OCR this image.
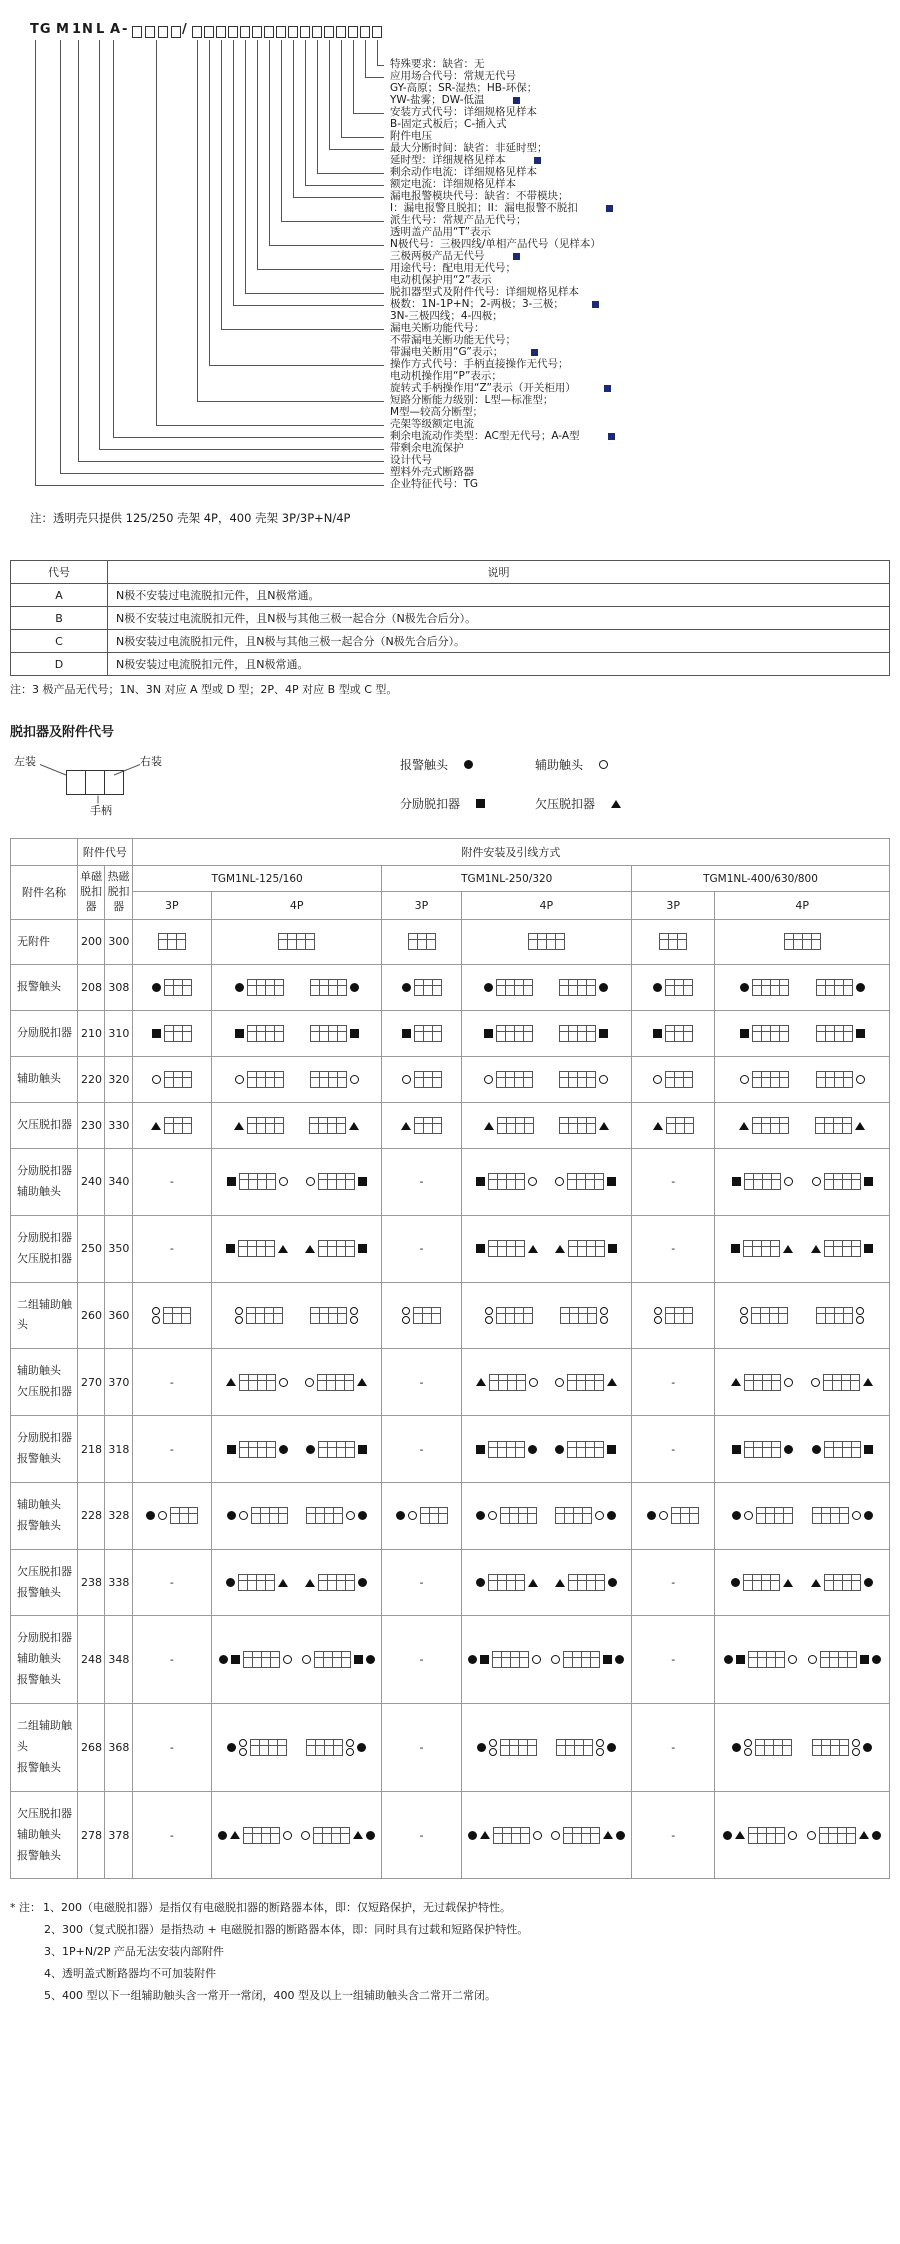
注：透明壳只提供 125/250 壳架 4P，400 壳架 3P/3P+N/4P
TG M 1N L A -	/
特殊要求：缺省：无
应用场合代号：常规无代号
GY-高原；SR-湿热；HB-环保；
YW-盐雾；DW-低温
安装方式代号：详细规格见样本
B-固定式板后；C-插入式
附件电压
最大分断时间：缺省：非延时型；
延时型：详细规格见样本
剩余动作电流：详细规格见样本
额定电流：详细规格见样本
漏电报警模块代号：缺省：不带模块；
I：漏电报警且脱扣；II：漏电报警不脱扣
派生代号：常规产品无代号；
透明盖产品用“T”表示
N极代号：三极四线/单相产品代号（见样本）
三极两极产品无代号
用途代号：配电用无代号；
电动机保护用“2”表示
脱扣器型式及附件代号：详细规格见样本
极数：1N-1P+N；2-两极；3-三极；
3N-三极四线；4-四极；
漏电关断功能代号：
不带漏电关断功能无代号；
带漏电关断用“G”表示；
操作方式代号：手柄直接操作无代号；
电动机操作用“P”表示；
旋转式手柄操作用“Z”表示（开关柜用）
短路分断能力级别：L型—标准型；
M型—较高分断型；
壳架等级额定电流
剩余电流动作类型：AC型无代号；A-A型
带剩余电流保护
设计代号
塑料外壳式断路器
企业特征代号：TG
代号	说明
A	N极不安装过电流脱扣元件，且N极常通。
B	N极不安装过电流脱扣元件，且N极与其他三极一起合分（N极先合后分）。
C	N极安装过电流脱扣元件，且N极与其他三极一起合分（N极先合后分）。
D	N极安装过电流脱扣元件，且N极常通。
注：3 极产品无代号；1N、3N 对应 A 型或 D 型；2P、4P 对应 B 型或 C 型。
脱扣器及附件代号
左装	右装
手柄
报警触头	辅助触头
分励脱扣器	欠压脱扣器
	附件代号		附件安装及引线方式					
附件名称	单磁脱扣器	热磁脱扣器	TGM1NL-125/160		TGM1NL-250/320		TGM1NL-400/630/800	
			3P	4P	3P	4P	3P	4P

无附件	200	300	

报警触头	208	308	

分励脱扣器	210	310	

辅助触头	220	320	

欠压脱扣器	230	330	

分励脱扣器
辅助触头	240	340	-		-		-	

分励脱扣器
欠压脱扣器	250	350	-		-		-	

二组辅助触头	260	360	

辅助触头
欠压脱扣器	270	370	-		-		-	

分励脱扣器
报警触头	218	318	-		-		-	

辅助触头
报警触头	228	328	

欠压脱扣器
报警触头	238	338	-		-		-	

分励脱扣器
辅助触头
报警触头	248	348	-		-		-	

二组辅助触头
报警触头	268	368	-		-		-	

欠压脱扣器
辅助触头
报警触头	278	378	-		-		-	
* 注： 1、200（电磁脱扣器）是指仅有电磁脱扣器的断路器本体，即：仅短路保护，无过载保护特性。
2、300（复式脱扣器）是指热动 + 电磁脱扣器的断路器本体，即：同时具有过载和短路保护特性。
3、1P+N/2P 产品无法安装内部附件
4、透明盖式断路器均不可加装附件
5、400 型以下一组辅助触头含一常开一常闭，400 型及以上一组辅助触头含二常开二常闭。
